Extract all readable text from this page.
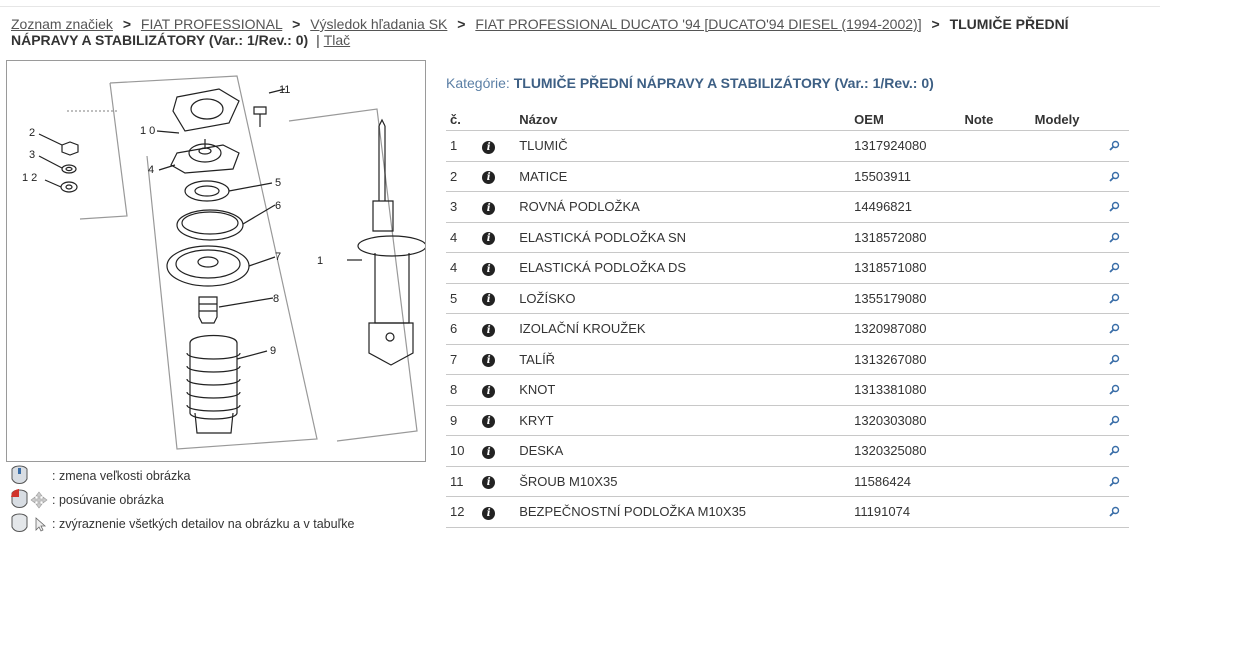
Zoznam značiek > FIAT PROFESSIONAL > Výsledok hľadania SK > FIAT PROFESSIONAL DUCATO '94 [DUCATO'94 DIESEL (1994-2002)] > TLUMIČE PŘEDNÍ NÁPRAVY A STABILIZÁTORY (Var.: 1/Rev.: 0) | Tlač
1
2
3
1 2
1 0
4
5
6
7
8
9
11
: zmena veľkosti obrázka
: posúvanie obrázka
: zvýraznenie všetkých detailov na obrázku a v tabuľke
Kategórie: TLUMIČE PŘEDNÍ NÁPRAVY A STABILIZÁTORY (Var.: 1/Rev.: 0)
č.		Názov	OEM	Note	Modely	
1	i	TLUMIČ	1317924080			

2	i	MATICE	15503911			

3	i	ROVNÁ PODLOŽKA	14496821			

4	i	ELASTICKÁ PODLOŽKA SN	1318572080			

4	i	ELASTICKÁ PODLOŽKA DS	1318571080			

5	i	LOŽÍSKO	1355179080			

6	i	IZOLAČNÍ KROUŽEK	1320987080			

7	i	TALÍŘ	1313267080			

8	i	KNOT	1313381080			

9	i	KRYT	1320303080			

10	i	DESKA	1320325080			

11	i	ŠROUB M10X35	11586424			

12	i	BEZPEČNOSTNÍ PODLOŽKA M10X35	11191074			
